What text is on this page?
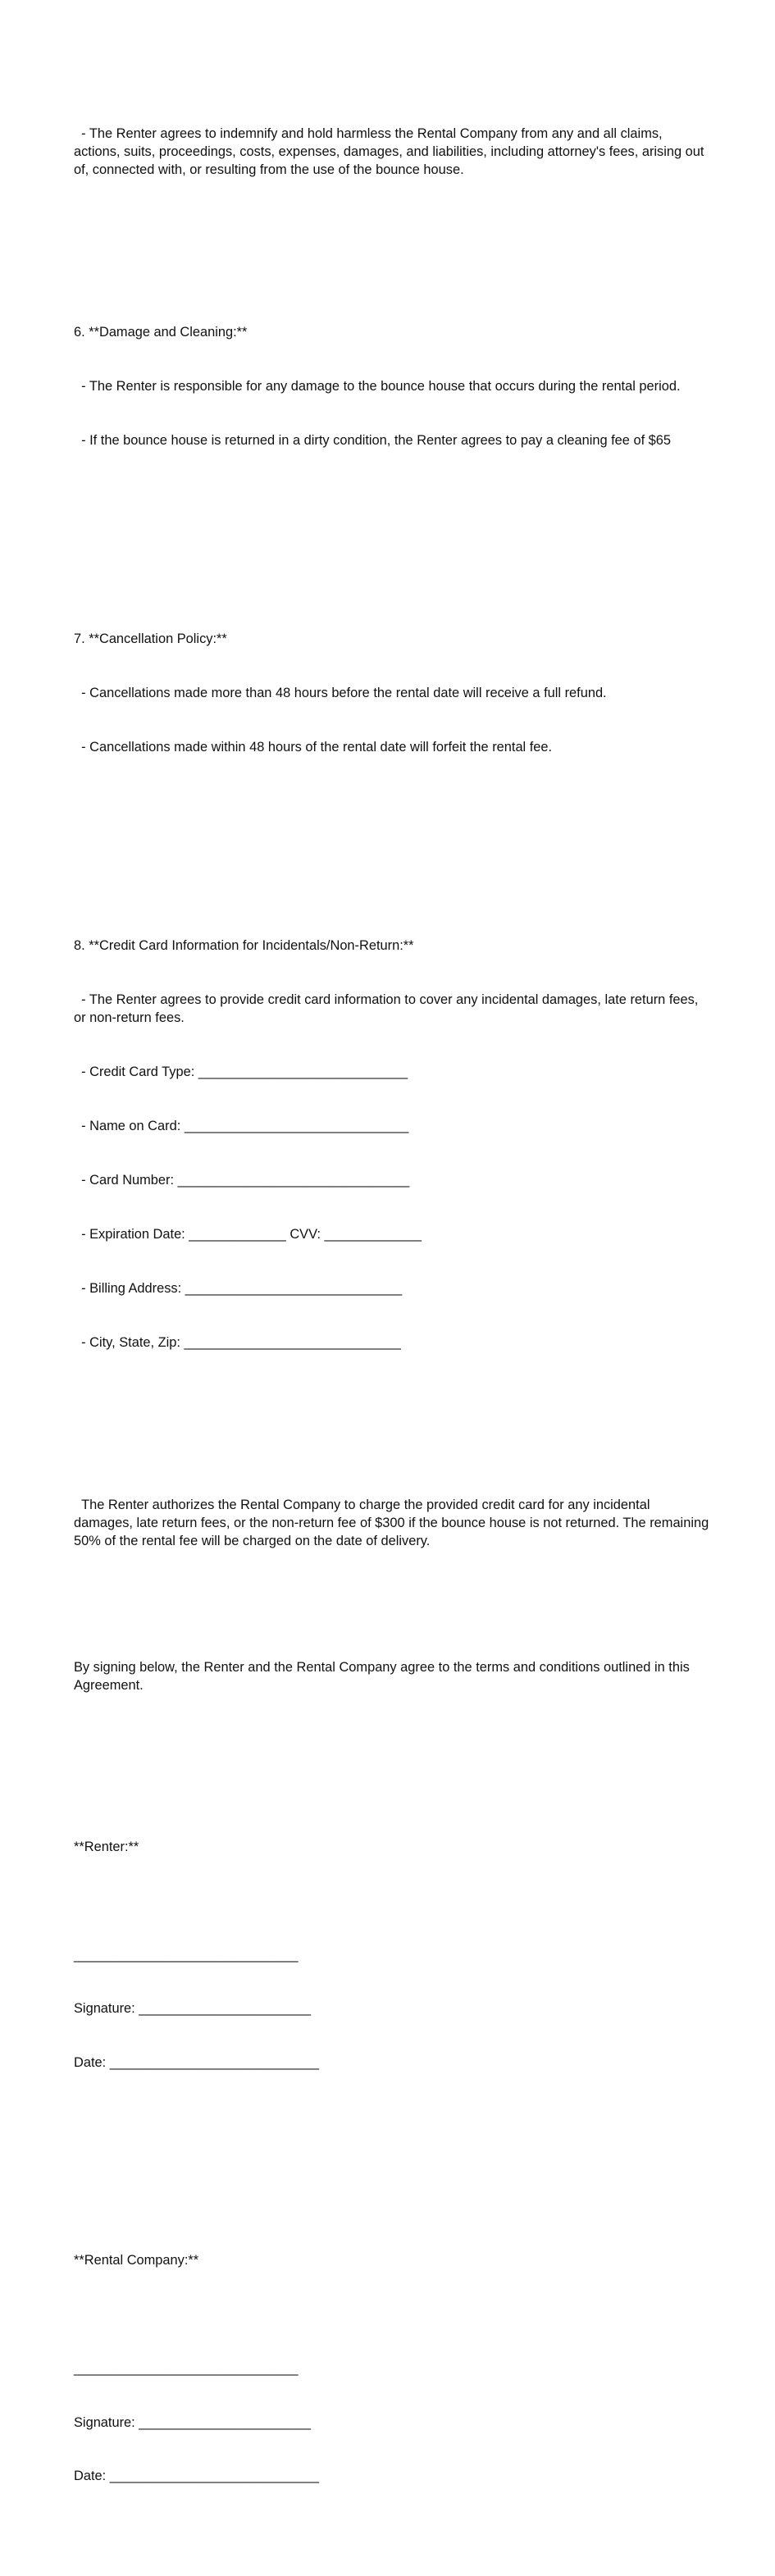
- The Renter agrees to indemnify and hold harmless the Rental Company from any and all claims, actions, suits, proceedings, costs, expenses, damages, and liabilities, including attorney's fees, arising out of, connected with, or resulting from the use of the bounce house.

6. **Damage and Cleaning:**

- The Renter is responsible for any damage to the bounce house that occurs during the rental period.

- If the bounce house is returned in a dirty condition, the Renter agrees to pay a cleaning fee of $65

7. **Cancellation Policy:**

- Cancellations made more than 48 hours before the rental date will receive a full refund.

- Cancellations made within 48 hours of the rental date will forfeit the rental fee.

8. **Credit Card Information for Incidentals/Non-Return:**

- The Renter agrees to provide credit card information to cover any incidental damages, late return fees, or non-return fees.

- Credit Card Type: ____________________________

- Name on Card: ______________________________

- Card Number: _______________________________

- Expiration Date: _____________ CVV: _____________

- Billing Address: _____________________________

- City, State, Zip: _____________________________

The Renter authorizes the Rental Company to charge the provided credit card for any incidental damages, late return fees, or the non-return fee of $300 if the bounce house is not returned. The remaining 50% of the rental fee will be charged on the date of delivery.

By signing below, the Renter and the Rental Company agree to the terms and conditions outlined in this Agreement.

**Renter:**

______________________________

Signature: _______________________

Date: ____________________________

**Rental Company:**

______________________________

Signature: _______________________

Date: ____________________________
